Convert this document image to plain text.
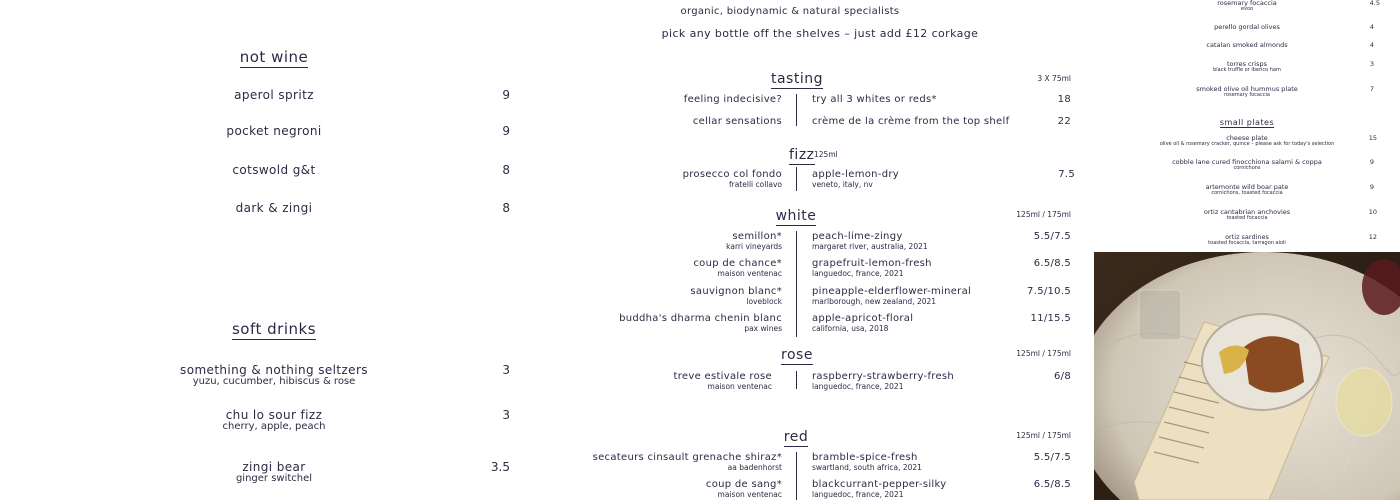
not wine
aperol spritz	9
pocket negroni	9
cotswold g&t	8
dark & zingi	8
soft drinks
something & nothing seltzers
yuzu, cucumber, hibiscus & rose
3
chu lo sour fizz
cherry, apple, peach
3
zingi bear
ginger switchel
3.5
organic, biodynamic & natural specialists
pick any bottle off the shelves – just add £12 corkage
tasting	3 X 75ml
feeling indecisive?	try all 3 whites or reds*	18
cellar sensations	crème de la crème from the top shelf	22
fizz 125ml
prosecco col fondo
fratelli collavo
apple-lemon-dry
veneto, italy, nv
7.5
white	125ml / 175ml
semillon*
karri vineyards
peach-lime-zingy
margaret river, australia, 2021
5.5/7.5
coup de chance*
maison ventenac
grapefruit-lemon-fresh
languedoc, france, 2021
6.5/8.5
sauvignon blanc*
loveblock
pineapple-elderflower-mineral
marlborough, new zealand, 2021
7.5/10.5
buddha's dharma chenin blanc
pax wines
apple-apricot-floral
california, usa, 2018
11/15.5
rose	125ml / 175ml
treve estivale rose
maison ventenac
raspberry-strawberry-fresh
languedoc, france, 2021
6/8
red	125ml / 175ml
secateurs cinsault grenache shiraz*
aa badenhorst
bramble-spice-fresh
swartland, south africa, 2021
5.5/7.5
coup de sang*
maison ventenac
blackcurrant-pepper-silky
languedoc, france, 2021
6.5/8.5
rosemary focaccia
evoo
4.5
perello gordal olives	4
catalan smoked almonds	4
torres crisps
black truffle or iberico ham
3
smoked olive oil hummus plate
rosemary focaccia
7
small plates
cheese plate
olive oil & rosemary cracker, quince – please ask for today's selection
15
cobble lane cured finocchiona salami & coppa
cornichons
9
artemonte wild boar pate
cornichons, toasted focaccia
9
ortiz cantabrian anchovies
toasted focaccia
10
ortiz sardines
toasted focaccia, tarragon aioli
12
